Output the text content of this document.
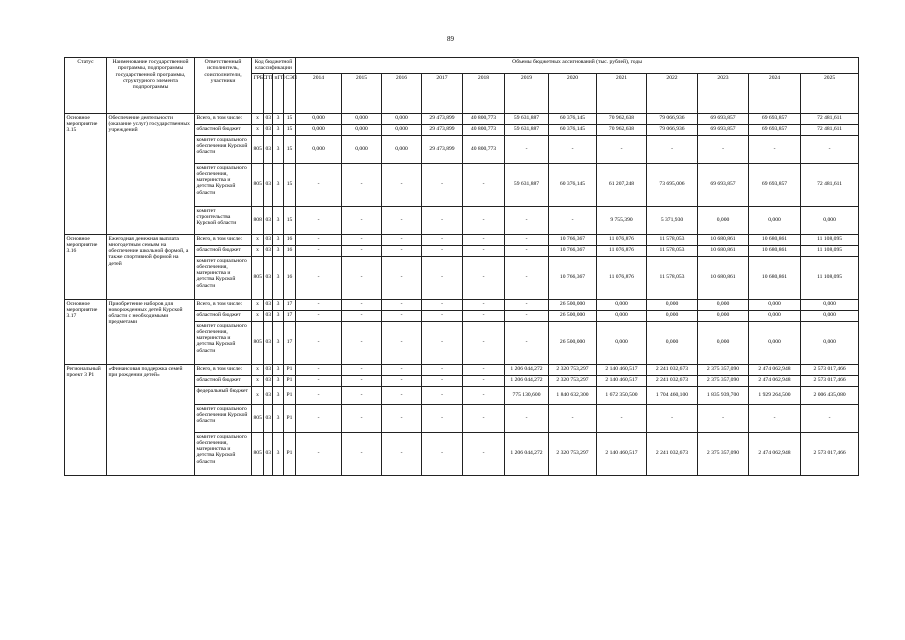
89
Статус	Наименование государственной программы, подпрограммы государственной программы, структурного элемента подпрограммы	Ответственный исполнитель, соисполнители, участники	Код бюджетной классификации				Объемы бюджетных ассигнований (тыс. рублей), годы											
			ГРБС	ГП	пГП	СЭП	2014	2015	2016	2017	2018	2019	2020	2021	2022	2023	2024	2025
Основное мероприятие 3.15	Обеспечение деятельности (оказание услуг) государственных учреждений	Всего, в том числе:	x	03	3	15	0,000	0,000	0,000	29 473,899	40 800,773	59 631,887	60 376,145	70 962,638	79 066,936	69 693,857	69 693,857	72 481,611
		областной бюджет	x	03	3	15	0,000	0,000	0,000	29 473,899	40 800,773	59 631,887	60 376,145	70 962,638	79 066,936	69 693,857	69 693,857	72 481,611
		комитет социального обеспечения Курской области	805	03	3	15	0,000	0,000	0,000	29 473,899	40 800,773	-	-	-	-	-	-	-
		комитет социального обеспечения, материнства и детства Курской области	805	03	3	15	-	-	-	-	-	59 631,887	60 376,145	61 207,248	73 695,006	69 693,857	69 693,857	72 481,611
		комитет строительства Курской области	808	03	3	15	-	-	-	-	-	-	-	9 755,390	5 371,930	0,000	0,000	0,000
Основное мероприятие 3.16	Ежегодная денежная выплата многодетным семьям на обеспечение школьной формой, а также спортивной формой на детей	Всего, в том числе:	x	03	3	16	-	-	-	-	-	-	10 766,367	11 076,876	11 578,053	10 680,861	10 680,861	11 108,095
		областной бюджет	x	03	3	16	-	-	-	-	-	-	10 766,367	11 076,876	11 578,053	10 680,861	10 680,861	11 108,095
		комитет социального обеспечения, материнства и детства Курской области	805	03	3	16	-	-	-	-	-	-	10 766,367	11 076,876	11 578,053	10 680,861	10 680,861	11 108,095
Основное мероприятие 3.17	Приобретение наборов для новорожденных детей Курской области с необходимыми предметами	Всего, в том числе:	x	03	3	17	-	-	-	-	-	-	26 500,000	0,000	0,000	0,000	0,000	0,000
		областной бюджет	x	03	3	17	-	-	-	-	-	-	26 500,000	0,000	0,000	0,000	0,000	0,000
		комитет социального обеспечения, материнства и детства Курской области	805	03	3	17	-	-	-	-	-	-	26 500,000	0,000	0,000	0,000	0,000	0,000
Региональный проект 3 Р1	«Финансовая поддержка семей при рождении детей»	Всего, в том числе:	x	03	3	Р1	-	-	-	-	-	1 206 044,272	2 320 753,297	2 140 460,517	2 241 032,673	2 375 357,090	2 474 062,948	2 573 017,466
		областной бюджет	x	03	3	Р1	-	-	-	-	-	1 206 044,272	2 320 753,297	2 140 460,517	2 241 032,673	2 375 357,090	2 474 062,948	2 573 017,466
		федеральный бюджет	x	03	3	Р1	-	-	-	-	-	775 130,600	1 840 632,300	1 672 350,500	1 704 460,100	1 835 939,700	1 929 264,500	2 006 435,080
		комитет социального обеспечения Курской области	805	03	3	Р1	-	-	-	-	-	-	-	-	-	-	-	-
		комитет социального обеспечения, материнства и детства Курской области	805	03	3	Р1	-	-	-	-	-	1 206 044,272	2 320 753,297	2 140 460,517	2 241 032,673	2 375 357,090	2 474 062,948	2 573 017,466
